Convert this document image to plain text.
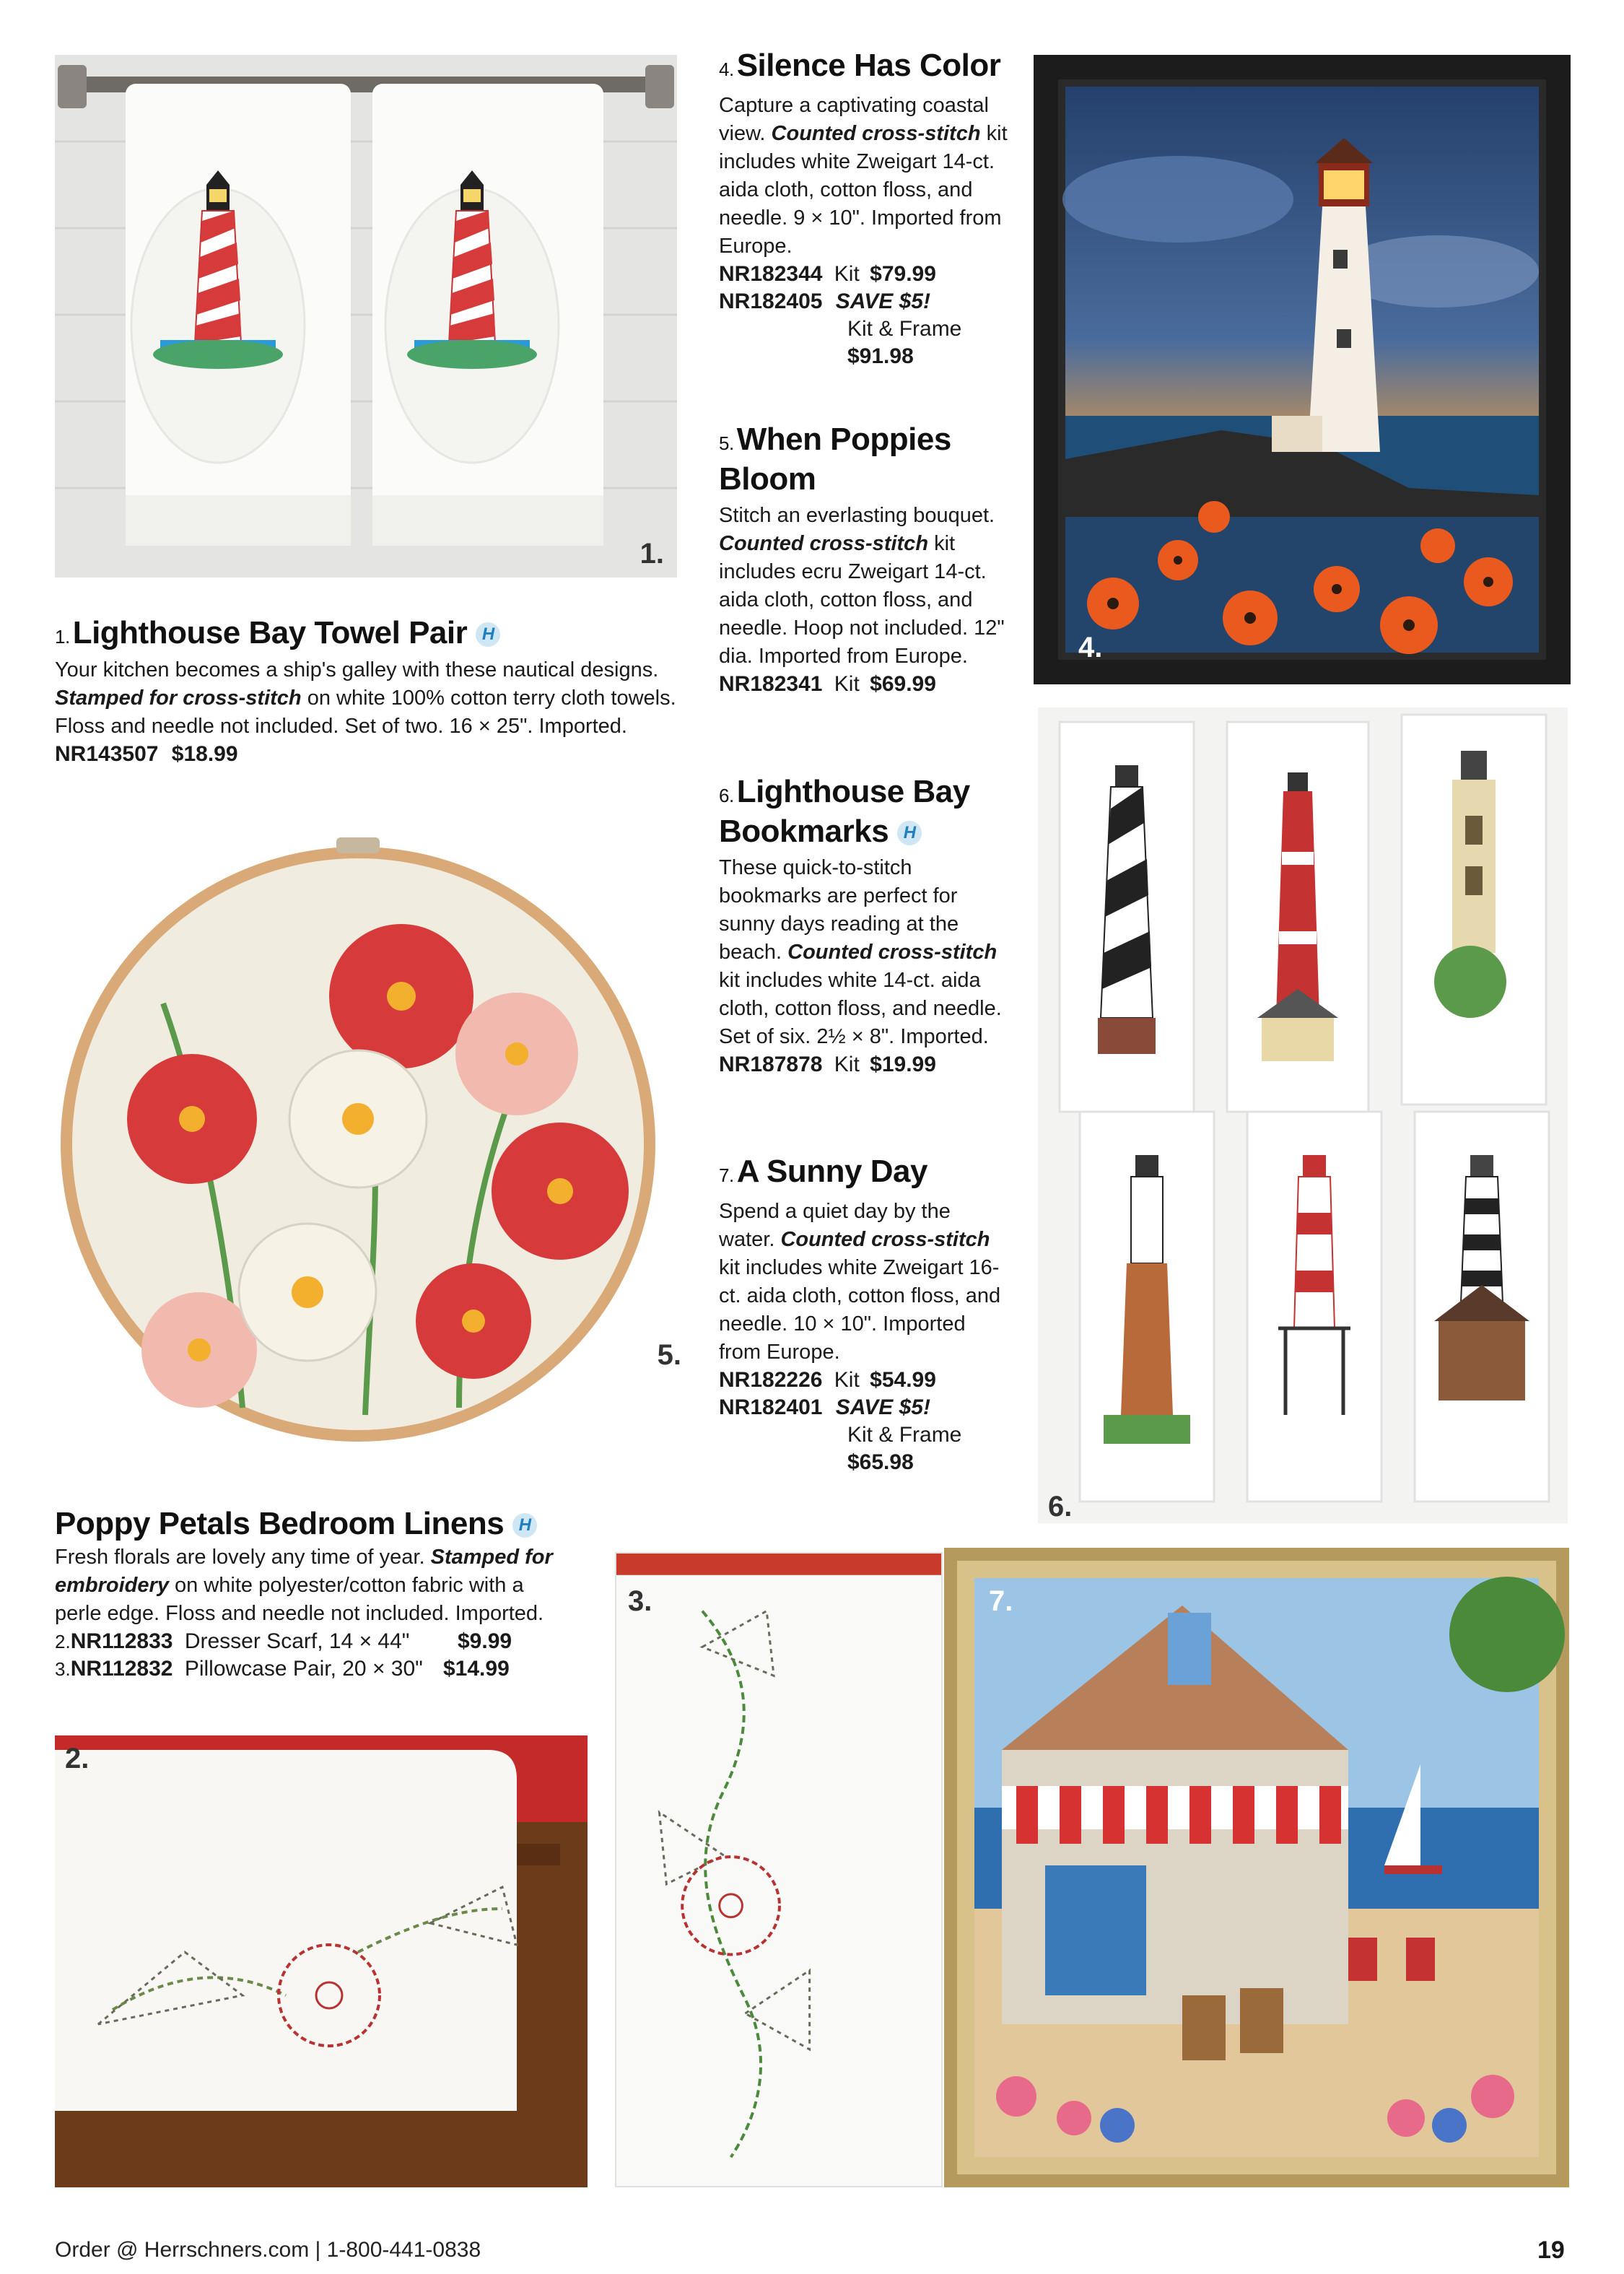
1.
4.
4.Silence Has Color
Capture a captivating coastal view. Counted cross-stitch kit includes white Zweigart 14-ct. aida cloth, cotton floss, and needle. 9 × 10". Imported from Europe.
NR182344 Kit $79.99
NR182405 SAVE $5!
Kit & Frame
$91.98
5.When Poppies
Bloom
Stitch an everlasting bouquet. Counted cross-stitch kit includes ecru Zweigart 14-ct. aida cloth, cotton floss, and needle. Hoop not included. 12" dia. Imported from Europe.
NR182341 Kit $69.99
6.Lighthouse Bay
Bookmarks H
These quick-to-stitch bookmarks are perfect for sunny days reading at the beach. Counted cross-stitch kit includes white 14-ct. aida cloth, cotton floss, and needle. Set of six. 2½ × 8". Imported.
NR187878 Kit $19.99
7.A Sunny Day
Spend a quiet day by the water. Counted cross-stitch kit includes white Zweigart 16-ct. aida cloth, cotton floss, and needle. 10 × 10". Imported from Europe.
NR182226 Kit $54.99
NR182401 SAVE $5!
Kit & Frame
$65.98
1.Lighthouse Bay Towel Pair H
Your kitchen becomes a ship's galley with these nautical designs. Stamped for cross-stitch on white 100% cotton terry cloth towels. Floss and needle not included. Set of two. 16 × 25". Imported.
NR143507 $18.99
5.
6.
Poppy Petals Bedroom Linens H
Fresh florals are lovely any time of year. Stamped for embroidery on white polyester/cotton fabric with a perle edge. Floss and needle not included. Imported.
2.NR112833 Dresser Scarf, 14 × 44" $9.99
3.NR112832 Pillowcase Pair, 20 × 30" $14.99
2.
3.	7.
Order @ Herrschners.com | 1-800-441-0838	19
